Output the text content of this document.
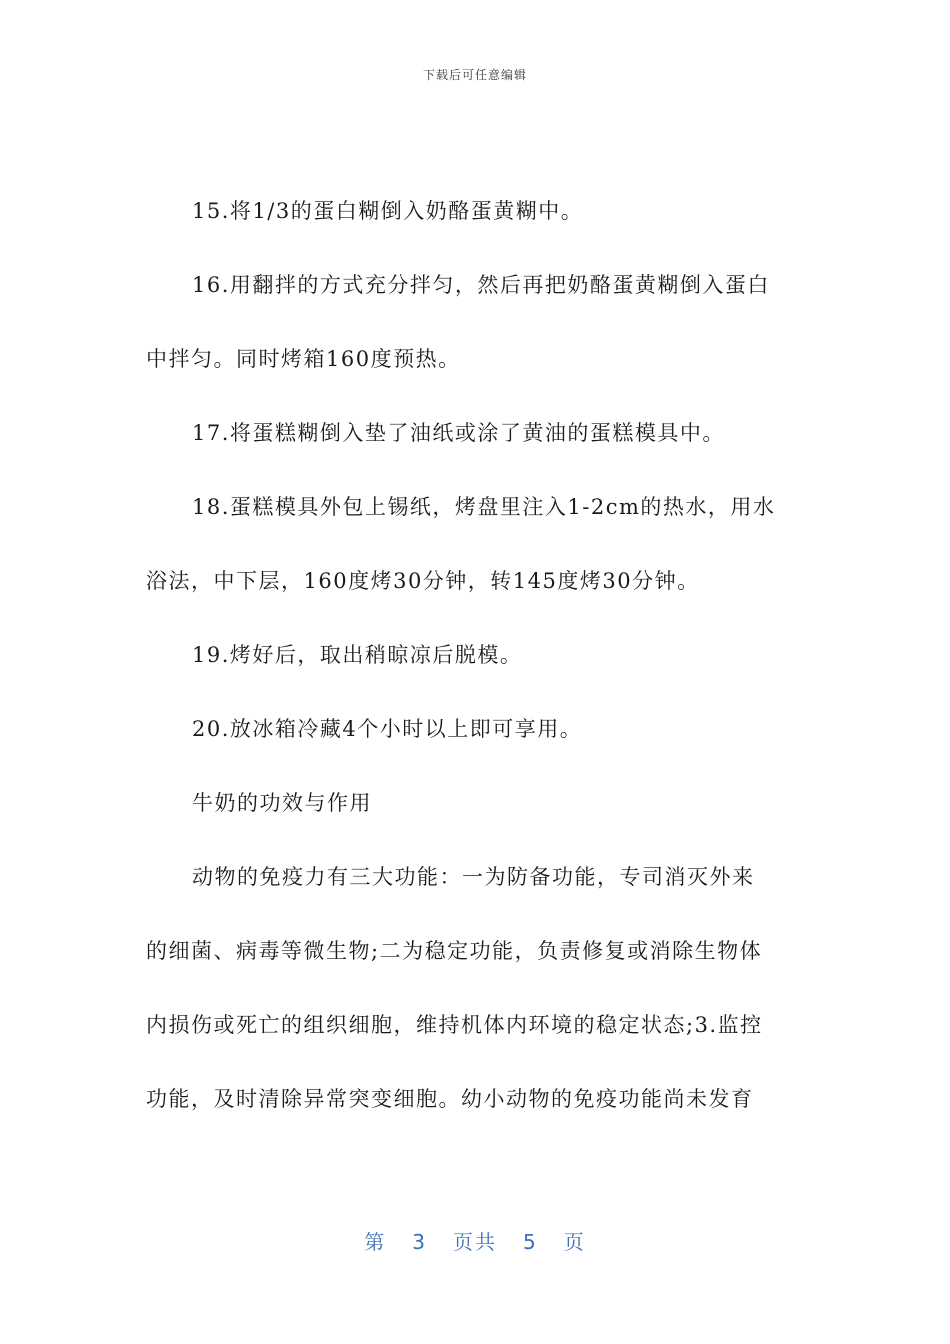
下载后可任意编辑

15.将1/3的蛋白糊倒入奶酪蛋黄糊中。

16.用翻拌的方式充分拌匀，然后再把奶酪蛋黄糊倒入蛋白

中拌匀。同时烤箱160度预热。

17.将蛋糕糊倒入垫了油纸或涂了黄油的蛋糕模具中。

18.蛋糕模具外包上锡纸，烤盘里注入1-2cm的热水，用水

浴法，中下层，160度烤30分钟，转145度烤30分钟。

19.烤好后，取出稍晾凉后脱模。

20.放冰箱冷藏4个小时以上即可享用。

牛奶的功效与作用

动物的免疫力有三大功能：一为防备功能，专司消灭外来

的细菌、病毒等微生物;二为稳定功能，负责修复或消除生物体

内损伤或死亡的组织细胞，维持机体内环境的稳定状态;3.监控

功能，及时清除异常突变细胞。幼小动物的免疫功能尚未发育

第 3 页共 5 页
